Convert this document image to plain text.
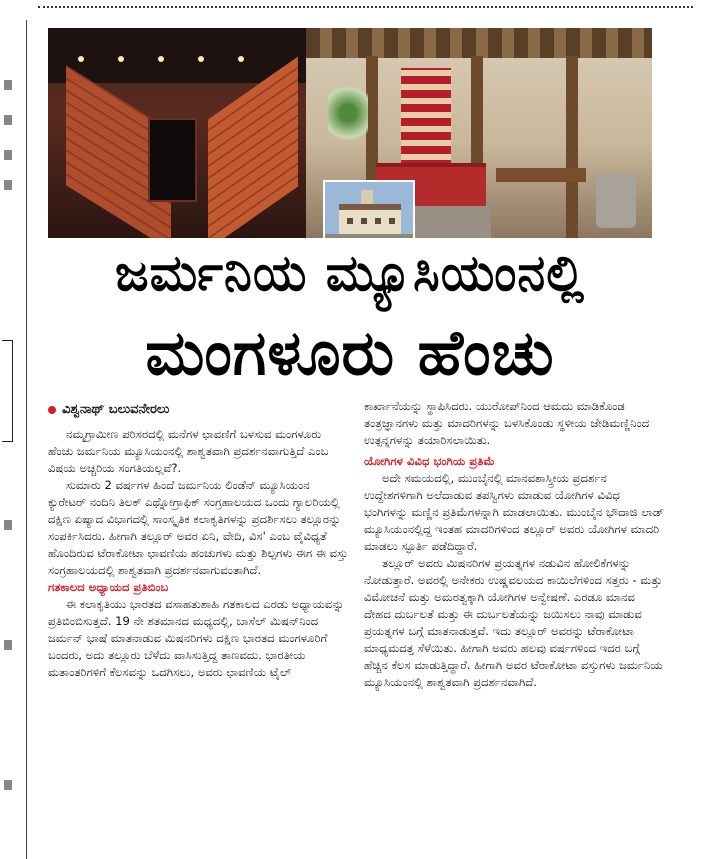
ಜರ್ಮನಿಯ ಮ್ಯೂಸಿಯಂನಲ್ಲಿ
ಮಂಗಳೂರು ಹೆಂಚು
ವಿಶ್ವನಾಥ್ ಬಲುವನೇರಲು

ನಮ್ಮಗ್ರಾಮೀಣ ಪರಿಸರದಲ್ಲಿ ಮನೆಗಳ ಛಾವಣಿಗೆ ಬಳಸುವ ಮಂಗಳೂರು ಹೆಂಚು ಜರ್ಮನಿಯ ಮ್ಯೂಸಿಯಂನಲ್ಲಿ ಶಾಶ್ವತವಾಗಿ ಪ್ರದರ್ಶನವಾಗುತ್ತಿದೆ ಎಂಬ ವಿಷಯ ಅಚ್ಚರಿಯ ಸಂಗತಿಯಲ್ಲವೆ?.

ಸುಮಾರು 2 ವರ್ಷಗಳ ಹಿಂದೆ ಜರ್ಮನಿಯ ಲಿಂಡೆನ್ ಮ್ಯೂಸಿಯಂನ ಕ್ಯುರೇಟರ್ ನಂದಿನಿ ತಿಲಕ್ ಎಥ್ನೋಗ್ರಾಫಿಕ್ ಸಂಗ್ರಹಾಲಯದ ಒಂದು ಗ್ಯಾಲರಿಯಲ್ಲಿ ದಕ್ಷಿಣ ಏಷ್ಯಾದ ವಿಭಾಗದಲ್ಲಿ ಸಾಂಸ್ಕೃತಿಕ ಕಲಾಕೃತಿಗಳನ್ನು ಪ್ರದರ್ಶಿಸಲು ತಲ್ಲೂರನ್ನು ಸಂಪರ್ಕಿಸಿದರು. ಹೀಗಾಗಿ ತಲ್ಲೂರ್ ಅವರ ಏನಿ, ವೇದಿ, ವಿಸ' ಎಂಬ ವೈವಿಧ್ಯತೆ ಹೊಂದಿರುವ ಟೆರಾಕೋಟಾ ಛಾವಣಿಯ ಹಂಚುಗಳು ಮತ್ತು ಶಿಲ್ಪಗಳು ಈಗ ಈ ವಸ್ತು ಸಂಗ್ರಹಾಲಯದಲ್ಲಿ ಶಾಶ್ವತವಾಗಿ ಪ್ರದರ್ಶನವಾಗುವಂತಾಗಿದೆ.

ಗತಕಾಲದ ಅಧ್ಯಾಯದ ಪ್ರತಿಬಿಂಬ

ಈ ಕಲಾಕೃತಿಯು ಭಾರತದ ವಸಾಹತುಶಾಹಿ ಗತಕಾಲದ ಎರಡು ಅಧ್ಯಾಯವನ್ನು ಪ್ರತಿಬಿಂಬಿಸುತ್ತದೆ. 19 ನೇ ಶತಮಾನದ ಮಧ್ಯದಲ್ಲಿ, ಬಾಸೆಲ್ ಮಿಷನ್‌ನಿಂದ ಜರ್ಮನ್ ಭಾಷೆ ಮಾತನಾಡುವ ಮಿಷನರಿಗಳು ದಕ್ಷಿಣ ಭಾರತದ ಮಂಗಳೂರಿಗೆ ಬಂದರು, ಅದು ತಲ್ಲೂರು ಬೆಳೆದು ವಾಸಿಸುತ್ತಿದ್ದ ತಾಣವದು. ಭಾರತೀಯ ಮತಾಂತರಿಗಳಿಗೆ ಕೆಲಸವನ್ನು ಒದಗಿಸಲು, ಅವರು ಛಾವಣಿಯ ಟೈಲ್

ಕಾರ್ಖಾನೆಯನ್ನು ಸ್ಥಾಪಿಸಿದರು. ಯುರೋಪ್‌ನಿಂದ ಆಮದು ಮಾಡಿಕೊಂಡ ತಂತ್ರಜ್ಞಾನಗಳು ಮತ್ತು ಮಾದರಿಗಳನ್ನು ಬಳಸಿಕೊಂಡು ಸ್ಥಳೀಯ ಜೇಡಿಮಣ್ಣಿನಿಂದ ಉತ್ಪನ್ನಗಳನ್ನು ತಯಾರಿಸಲಾಯಿತು.

ಯೋಗಿಗಳ ವಿವಿಧ ಭಂಗಿಯ ಪ್ರತಿಮೆ

ಅದೇ ಸಮಯದಲ್ಲಿ, ಮುಂಬೈನಲ್ಲಿ ಮಾನವಶಾಸ್ತ್ರೀಯ ಪ್ರದರ್ಶನ ಉದ್ದೇಶಗಳಿಗಾಗಿ ಅಲೆದಾಡುವ ತಪಸ್ವಿಗಳು ಮಾಡುವ ಯೋಗಿಗಳ ವಿವಿಧ ಭಂಗಿಗಳನ್ನು ಮಣ್ಣಿನ ಪ್ರತಿಮೆಗಳನ್ನಾಗಿ ಮಾಡಲಾಯಿತು. ಮುಂಬೈನ ಭೌದಾಜಿ ಲಾಡ್ ಮ್ಯೂಸಿಯಂನಲ್ಲಿದ್ದ ಇಂತಹ ಮಾದರಿಗಳಿಂದ ತಲ್ಲೂರ್ ಅವರು ಯೋಗಿಗಳ ಮಾದರಿ ಮಾಡಲು ಸ್ಫೂರ್ತಿ ಪಡೆದಿದ್ದಾರೆ.

ತಲ್ಲೂರ್ ಅವರು ಮಿಷನರಿಗಳ ಪ್ರಯತ್ನಗಳ ನಡುವಿನ ಹೋಲಿಕೆಗಳನ್ನು ನೋಡುತ್ತಾರೆ. ಅವರಲ್ಲಿ ಅನೇಕರು ಉಷ್ಣವಲಯದ ಕಾಯಿಲೆಗಳಿಂದ ಸತ್ತರು - ಮತ್ತು ವಿಮೋಚನೆ ಮತ್ತು ಅಮರತ್ವಕ್ಕಾಗಿ ಯೋಗಿಗಳ ಅನ್ವೇಷಣೆ. ಎರಡೂ ಮಾನವ ದೇಹದ ದುರ್ಬಲತೆ ಮತ್ತು ಈ ದುರ್ಬಲತೆಯನ್ನು ಜಯಿಸಲು ನಾವು ಮಾಡುವ ಪ್ರಯತ್ನಗಳ ಬಗ್ಗೆ ಮಾತನಾಡುತ್ತವೆ. ಇದು ತಲ್ಲೂರ್ ಅವರನ್ನು ಟೆರಾಕೋಟಾ ಮಾಧ್ಯಮದತ್ತ ಸೆಳೆಯಿತು. ಹೀಗಾಗಿ ಅವರು ಹಲವು ವರ್ಷಗಳಿಂದ ಇದರ ಬಗ್ಗೆ ಹೆಚ್ಚಿನ ಕೆಲಸ ಮಾಡುತ್ತಿದ್ದಾರೆ. ಹೀಗಾಗಿ ಅವರ ಟೆರಾಕೋಟಾ ವಸ್ತುಗಳು ಜರ್ಮನಿಯ ಮ್ಯೂಸಿಯಂನಲ್ಲಿ ಶಾಶ್ವತವಾಗಿ ಪ್ರದರ್ಶನವಾಗಿದೆ.
